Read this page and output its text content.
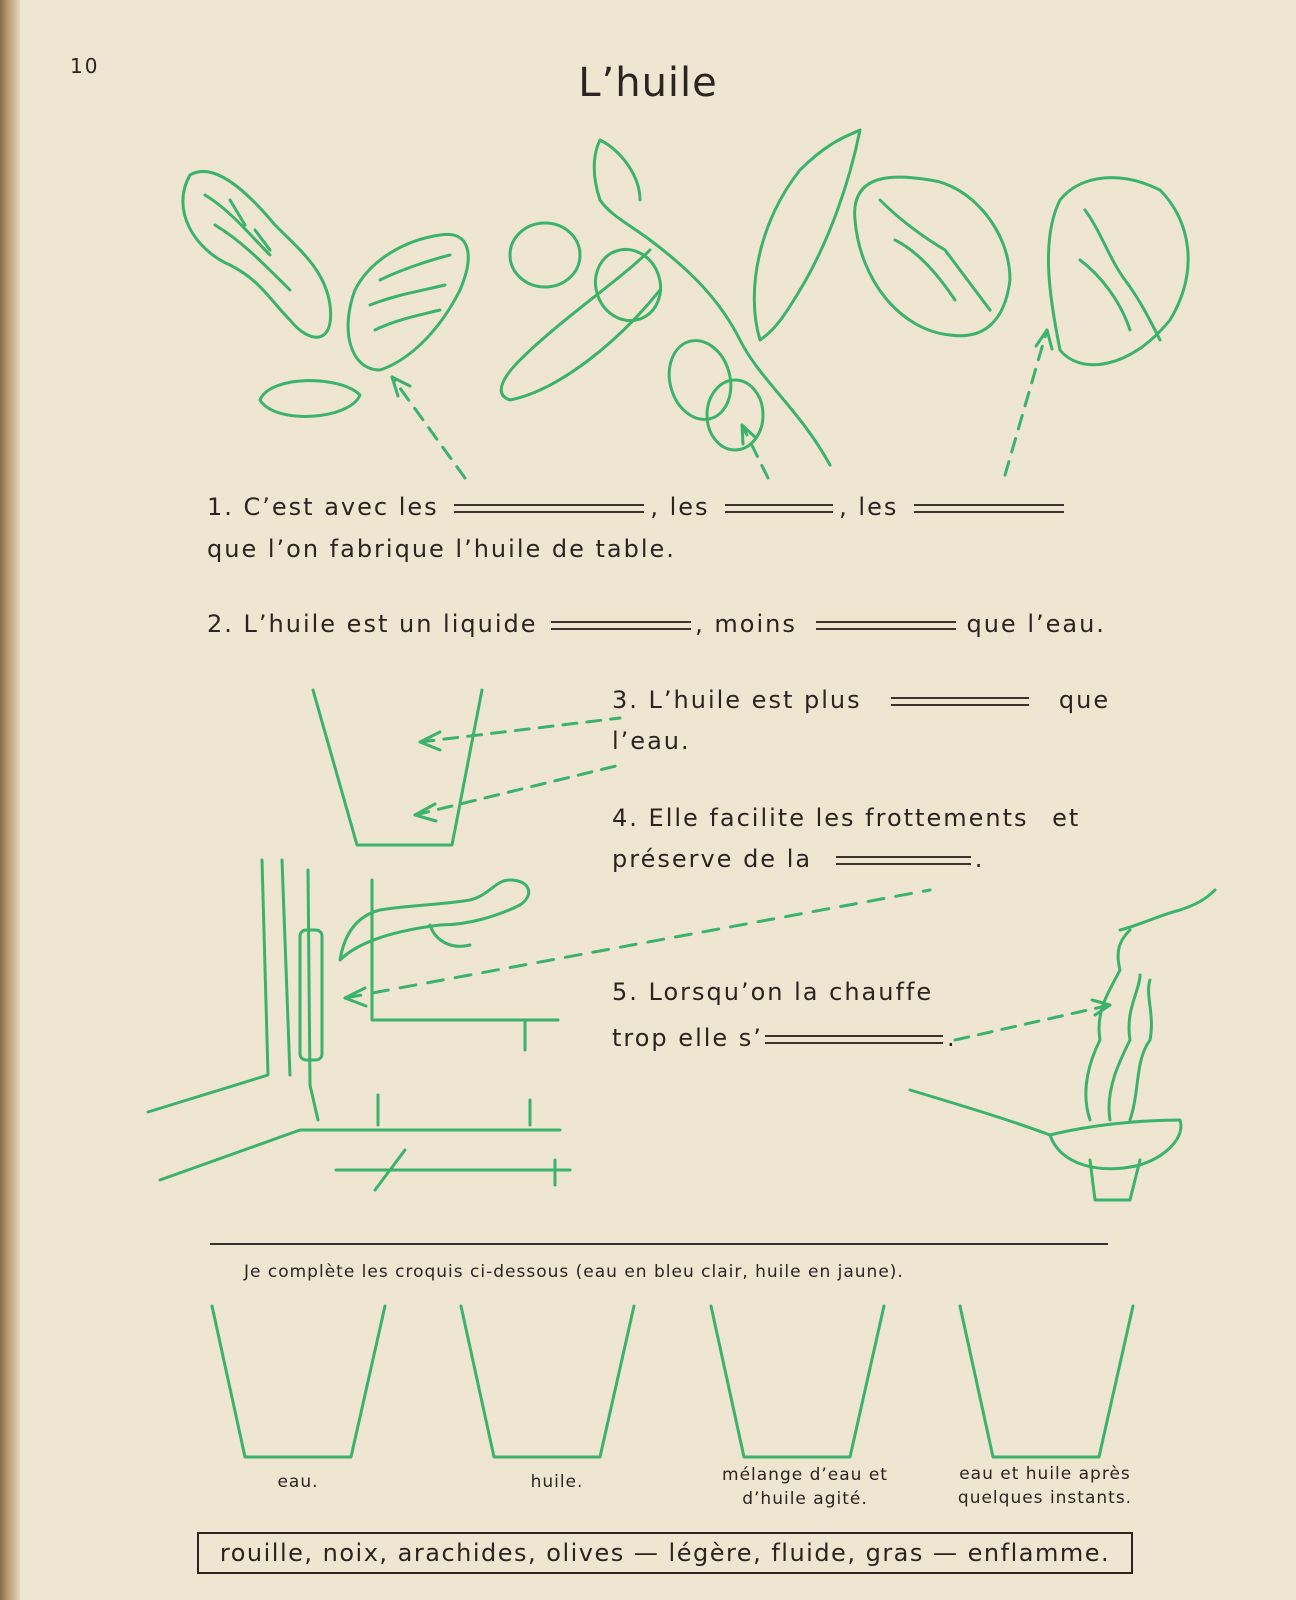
10	L’huile
1. C’est avec les	, les	, les
que l’on fabrique l’huile de table.
2. L’huile est un liquide	, moins	que l’eau.
3. L’huile est plus	que
l’eau.
4. Elle facilite les frottements et
préserve de la	.
5. Lorsqu’on la chauffe
trop elle s’	.
Je complète les croquis ci-dessous (eau en bleu clair, huile en jaune).
eau.	huile.	mélange d’eau et
d’huile agité.
eau et huile après
quelques instants.
rouille, noix, arachides, olives — légère, fluide, gras — enflamme.
